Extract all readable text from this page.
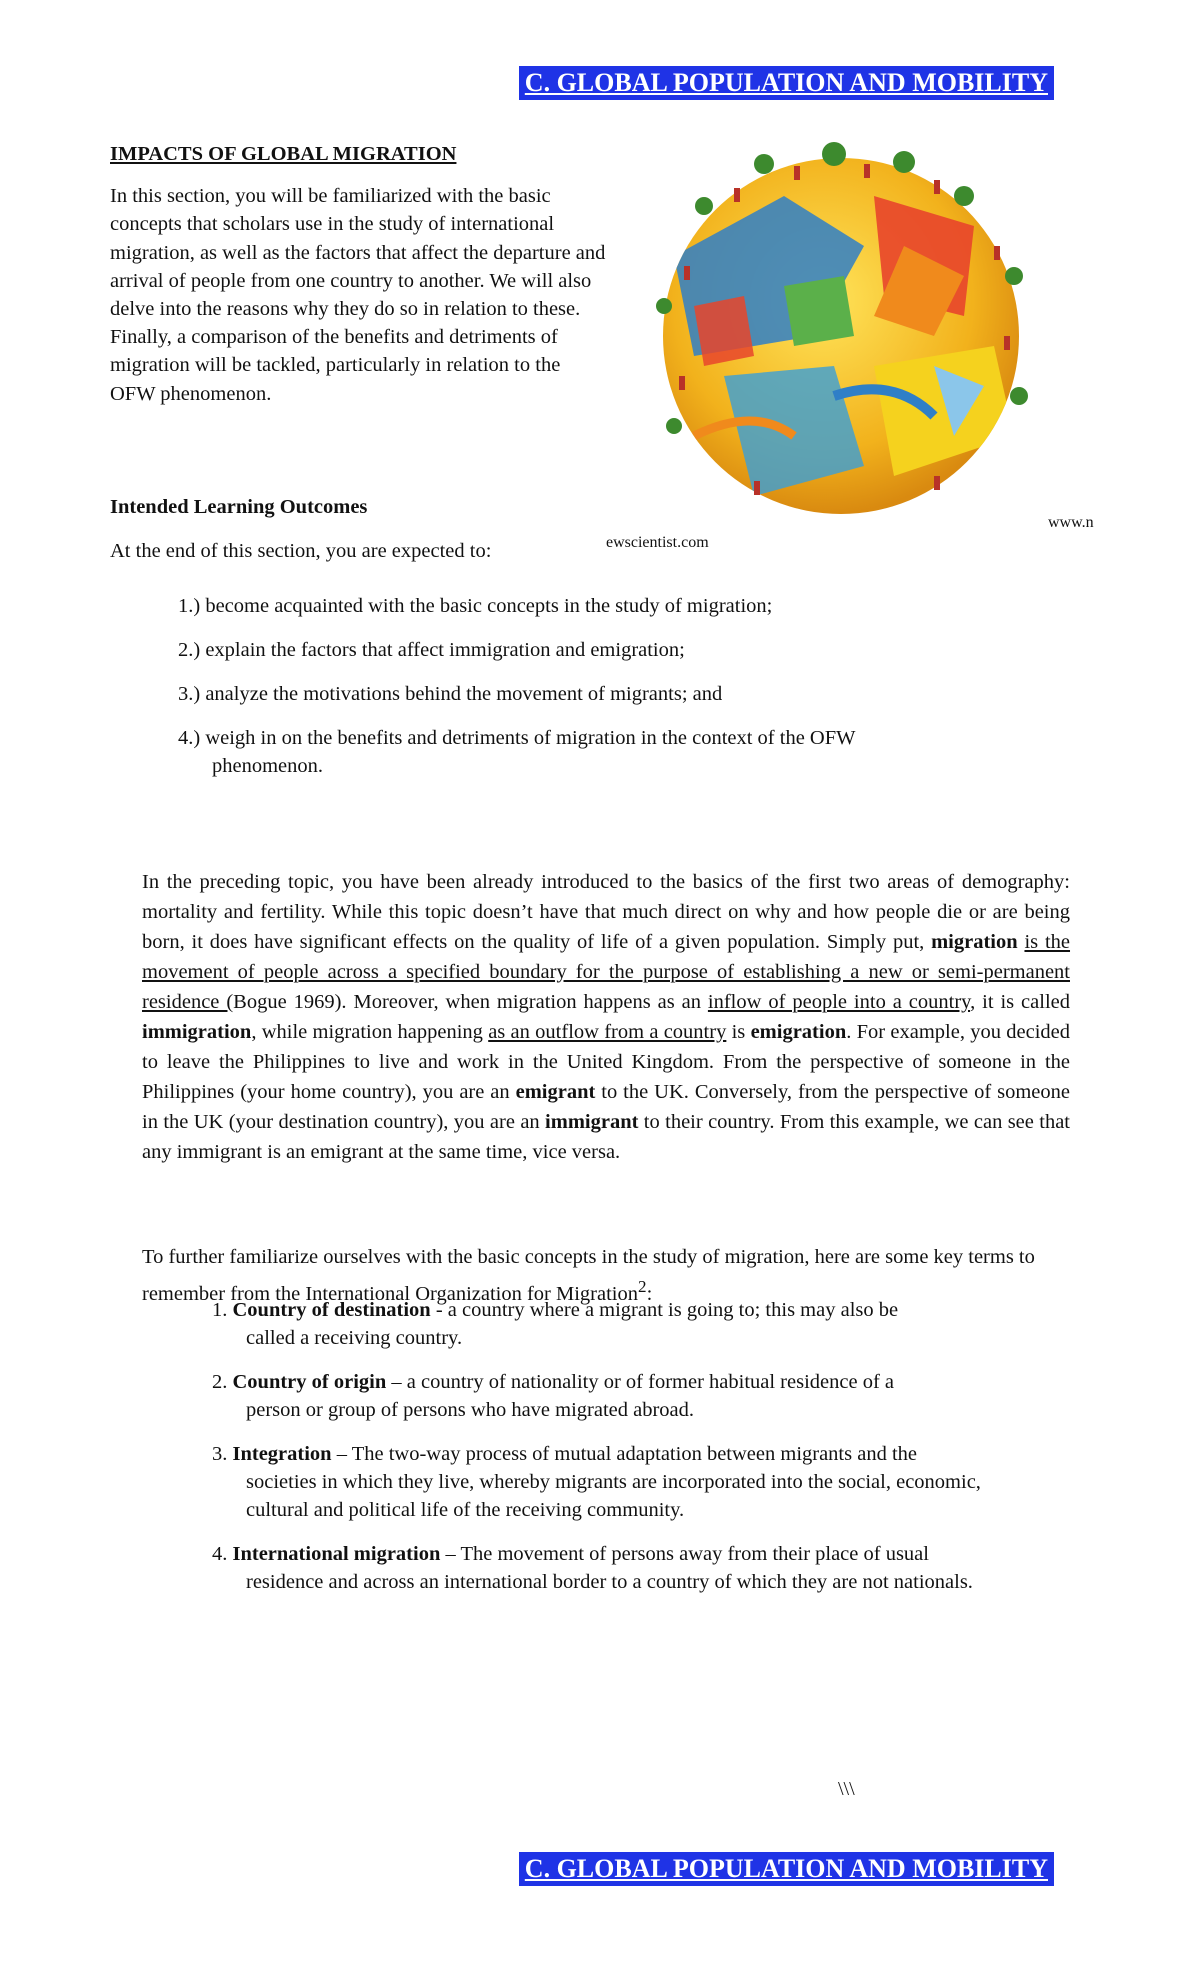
C. GLOBAL POPULATION AND MOBILITY
IMPACTS OF GLOBAL MIGRATION

In this section, you will be familiarized with the basic concepts that scholars use in the study of international migration, as well as the factors that affect the departure and arrival of people from one country to another. We will also delve into the reasons why they do so in relation to these. Finally, a comparison of the benefits and detriments of migration will be tackled, particularly in relation to the OFW phenomenon.

www.n
ewscientist.com
Intended Learning Outcomes
At the end of this section, you are expected to:
1.) become acquainted with the basic concepts in the study of migration;
2.) explain the factors that affect immigration and emigration;
3.) analyze the motivations behind the movement of migrants; and
4.) weigh in on the benefits and detriments of migration in the context of the OFW
phenomenon.

In the preceding topic, you have been already introduced to the basics of the first two areas of demography: mortality and fertility. While this topic doesn’t have that much direct on why and how people die or are being born, it does have significant effects on the quality of life of a given population. Simply put, migration is the movement of people across a specified boundary for the purpose of establishing a new or semi-permanent residence (Bogue 1969). Moreover, when migration happens as an inflow of people into a country, it is called immigration, while migration happening as an outflow from a country is emigration. For example, you decided to leave the Philippines to live and work in the United Kingdom. From the perspective of someone in the Philippines (your home country), you are an emigrant to the UK. Conversely, from the perspective of someone in the UK (your destination country), you are an immigrant to their country. From this example, we can see that any immigrant is an emigrant at the same time, vice versa.

To further familiarize ourselves with the basic concepts in the study of migration, here are some key terms to remember from the International Organization for Migration$^2$:

1. Country of destination - a country where a migrant is going to; this may also be
called a receiving country.
2. Country of origin – a country of nationality or of former habitual residence of a
person or group of persons who have migrated abroad.
3. Integration – The two-way process of mutual adaptation between migrants and the
societies in which they live, whereby migrants are incorporated into the social, economic, cultural and political life of the receiving community.
4. International migration – The movement of persons away from their place of usual
residence and across an international border to a country of which they are not nationals.
\\\
C. GLOBAL POPULATION AND MOBILITY
